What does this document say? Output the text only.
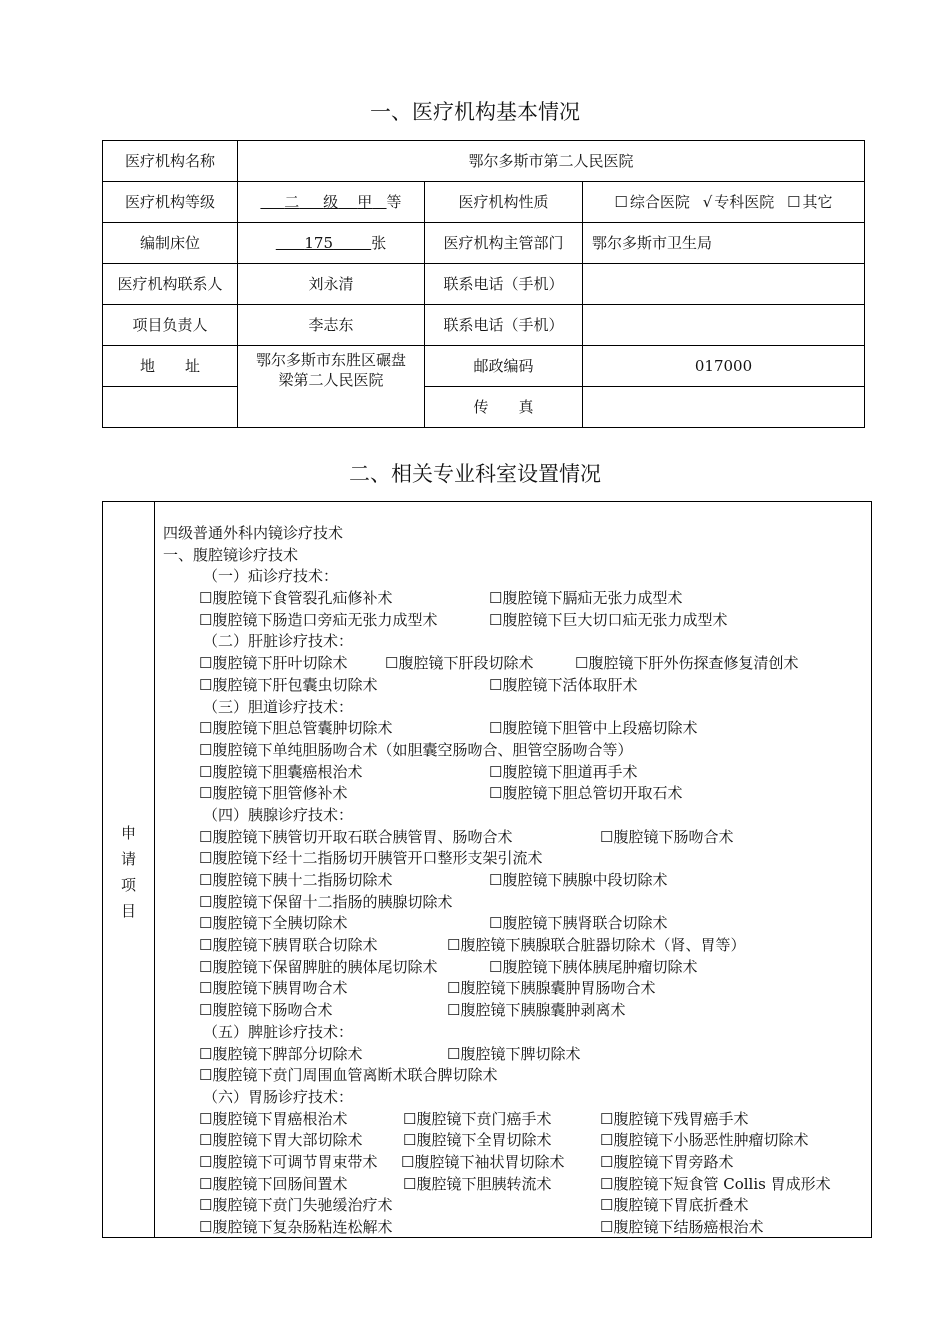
一、医疗机构基本情况
医疗机构名称	鄂尔多斯市第二人民医院		
医疗机构等级	二 级 甲 等	医疗机构性质	☐ 综合医院 √ 专科医院 ☐ 其它
编制床位	175 张	医疗机构主管部门	鄂尔多斯市卫生局
医疗机构联系人	刘永清	联系电话（手机）	
项目负责人	李志东	联系电话（手机）	
地　　址	鄂尔多斯市东胜区碾盘梁第二人民医院	邮政编码	017000
		传　　真	
二、相关专业科室设置情况
申
请
项
目
四级普通外科内镜诊疗技术
一、腹腔镜诊疗技术
（一）疝诊疗技术：
☐腹腔镜下食管裂孔疝修补术	☐腹腔镜下膈疝无张力成型术
☐腹腔镜下肠造口旁疝无张力成型术	☐腹腔镜下巨大切口疝无张力成型术
（二）肝脏诊疗技术：
☐腹腔镜下肝叶切除术	☐腹腔镜下肝段切除术	☐腹腔镜下肝外伤探查修复清创术
☐腹腔镜下肝包囊虫切除术	☐腹腔镜下活体取肝术
（三）胆道诊疗技术：
☐腹腔镜下胆总管囊肿切除术	☐腹腔镜下胆管中上段癌切除术
☐腹腔镜下单纯胆肠吻合术（如胆囊空肠吻合、胆管空肠吻合等）
☐腹腔镜下胆囊癌根治术	☐腹腔镜下胆道再手术
☐腹腔镜下胆管修补术	☐腹腔镜下胆总管切开取石术
（四）胰腺诊疗技术：
☐腹腔镜下胰管切开取石联合胰管胃、肠吻合术	☐腹腔镜下肠吻合术
☐腹腔镜下经十二指肠切开胰管开口整形支架引流术
☐腹腔镜下胰十二指肠切除术	☐腹腔镜下胰腺中段切除术
☐腹腔镜下保留十二指肠的胰腺切除术
☐腹腔镜下全胰切除术	☐腹腔镜下胰肾联合切除术
☐腹腔镜下胰胃联合切除术	☐腹腔镜下胰腺联合脏器切除术（肾、胃等）
☐腹腔镜下保留脾脏的胰体尾切除术	☐腹腔镜下胰体胰尾肿瘤切除术
☐腹腔镜下胰胃吻合术	☐腹腔镜下胰腺囊肿胃肠吻合术
☐腹腔镜下肠吻合术	☐腹腔镜下胰腺囊肿剥离术
（五）脾脏诊疗技术：
☐腹腔镜下脾部分切除术	☐腹腔镜下脾切除术
☐腹腔镜下贲门周围血管离断术联合脾切除术
（六）胃肠诊疗技术：
☐腹腔镜下胃癌根治术	☐腹腔镜下贲门癌手术	☐腹腔镜下残胃癌手术
☐腹腔镜下胃大部切除术	☐腹腔镜下全胃切除术	☐腹腔镜下小肠恶性肿瘤切除术
☐腹腔镜下可调节胃束带术 ☐腹腔镜下袖状胃切除术 ☐腹腔镜下胃旁路术
☐腹腔镜下回肠间置术	☐腹腔镜下胆胰转流术	☐腹腔镜下短食管 Collis 胃成形术
☐腹腔镜下贲门失驰缓治疗术	☐腹腔镜下胃底折叠术
☐腹腔镜下复杂肠粘连松解术	☐腹腔镜下结肠癌根治术
